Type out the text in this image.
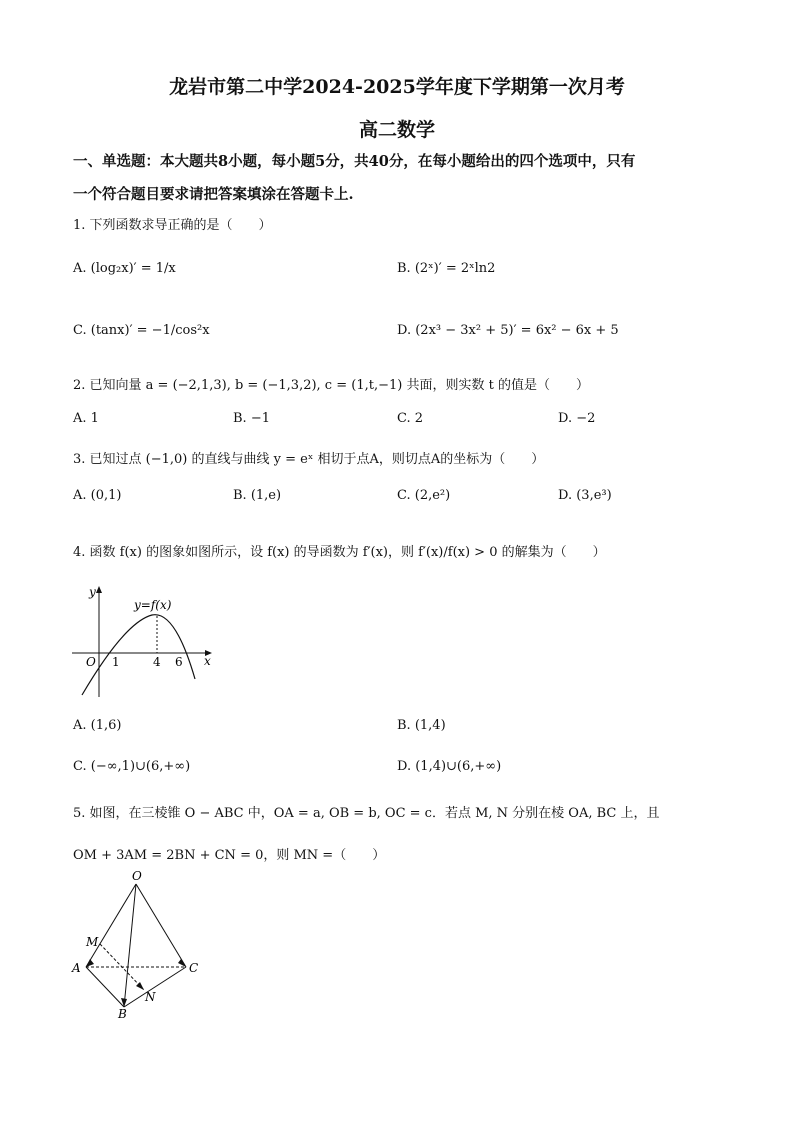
龙岩市第二中学2024-2025学年度下学期第一次月考
高二数学
一、单选题：本大题共8小题，每小题5分，共40分，在每小题给出的四个选项中，只有
一个符合题目要求请把答案填涂在答题卡上.
1. 下列函数求导正确的是（　　）
A. (log₂x)′ = 1/x	B. (2ˣ)′ = 2ˣln2
C. (tanx)′ = −1/cos²x	D. (2x³ − 3x² + 5)′ = 6x² − 6x + 5
2. 已知向量 a = (−2,1,3), b = (−1,3,2), c = (1,t,−1) 共面，则实数 t 的值是（　　）
A. 1	B. −1	C. 2	D. −2
3. 已知过点 (−1,0) 的直线与曲线 y = eˣ 相切于点A，则切点A的坐标为（　　）
A. (0,1)	B. (1,e)	C. (2,e²)	D. (3,e³)
4. 函数 f(x) 的图象如图所示，设 f(x) 的导函数为 f′(x)，则 f′(x)/f(x) > 0 的解集为（　　）
y
x
O 1	4 6
y=f(x)
A. (1,6)	B. (1,4)
C. (−∞,1)∪(6,+∞)	D. (1,4)∪(6,+∞)
5. 如图，在三棱锥 O − ABC 中，OA = a, OB = b, OC = c．若点 M, N 分别在棱 OA, BC 上，且
OM + 3AM = 2BN + CN = 0，则 MN =（　　）
O
M
A	C
N
B
